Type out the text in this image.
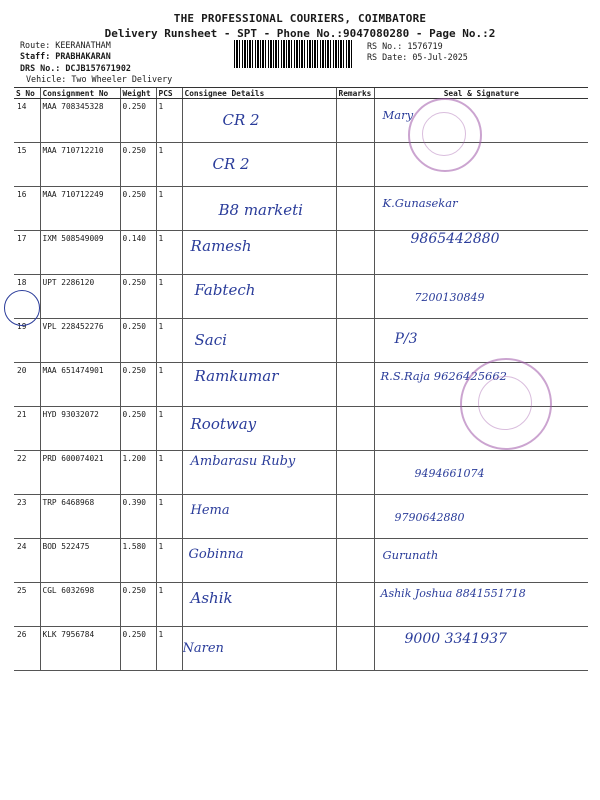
THE PROFESSIONAL COURIERS, COIMBATORE
Delivery Runsheet - SPT - Phone No.:9047080280 - Page No.:2
Route: KEERANATHAM
Staff: PRABHAKARAN
DRS No.: DCJB157671902
Vehicle: Two Wheeler Delivery
RS No.: 1576719
RS Date: 05-Jul-2025
S No	Consignment No	Weight	PCS	Consignee Details	Remarks	Seal & Signature
14	MAA 708345328	0.250	1	CR 2		Mary

15	MAA 710712210	0.250	1	CR 2		

16	MAA 710712249	0.250	1	B8 marketi		K.Gunasekar

17	IXM 508549009	0.140	1	Ramesh		9865442880

18	UPT 2286120	0.250	1	Fabtech		7200130849

19	VPL 228452276	0.250	1	Saci		P/3

20	MAA 651474901	0.250	1	Ramkumar		R.S.Raja 9626425662

21	HYD 93032072	0.250	1	Rootway		

22	PRD 600074021	1.200	1	Ambarasu Ruby		9494661074

23	TRP 6468968	0.390	1	Hema		9790642880

24	BOD 522475	1.580	1	Gobinna		Gurunath

25	CGL 6032698	0.250	1	Ashik		Ashik Joshua 8841551718

26	KLK 7956784	0.250	1	Naren		9000 3341937
